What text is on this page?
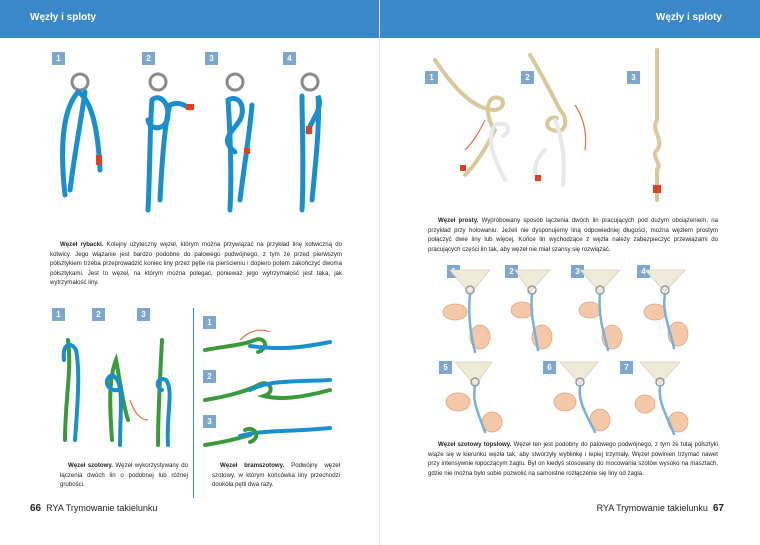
Węzły i sploty
1	2	3	4

Węzeł rybacki. Kolejny użyteczny węzeł, którym można przywiązać na przykład linę kotwiczną do kotwicy. Jego wiązanie jest bardzo podobne do palowego podwójnego, z tym że przed pierwszym półsztykiem trzeba przeprowadzić koniec liny przez pętle na pierścieniu i dopiero potem zakończyć dwoma półsztykami. Jest to węzeł, na którym można polegać, ponieważ jego wytrzymałość jest taka, jak wytrzymałość liny.

1	2	3

Węzeł szotowy. Węzeł wykorzystywany do łączenia dwóch lin o podobnej lub różnej grubości.

1
2
3

Węzeł bramszotowy. Podwójny węzeł szotowy, w którym końcówka liny przechodzi dookoła pętli dwa razy.

66 RYA Trymowanie takielunku
Węzły i sploty
1	2	3

Węzeł prosty. Wypróbowany sposób łączenia dwóch lin pracujących pod dużym obciążeniem, na przykład przy holowaniu. Jeżeli nie dysponujemy liną odpowiedniej długości, można węzłem prostym połączyć dwie liny lub więcej. Końce lin wychodzące z węzła należy zabezpieczyć przewiązami do pracujących części lin tak, aby węzeł nie miał szansy się rozwiązać.

2	3	4
5	6	7

Węzeł szotowy topslowy. Węzeł ten jest podobny do palowego podwójnego, z tym że tutaj półsztyki wiąże się w kierunku węzła tak, aby stworzyły wyblinkę i lepiej trzymały. Węzeł powinien trzymać nawet przy intensywnie łopoczącym żaglu. Był on kiedyś stosowany do mocowania szotów wysoko na masztach, gdzie nie można było sobie pozwolić na samoistne rozłączenie się liny od żagla.

RYA Trymowanie takielunku 67
